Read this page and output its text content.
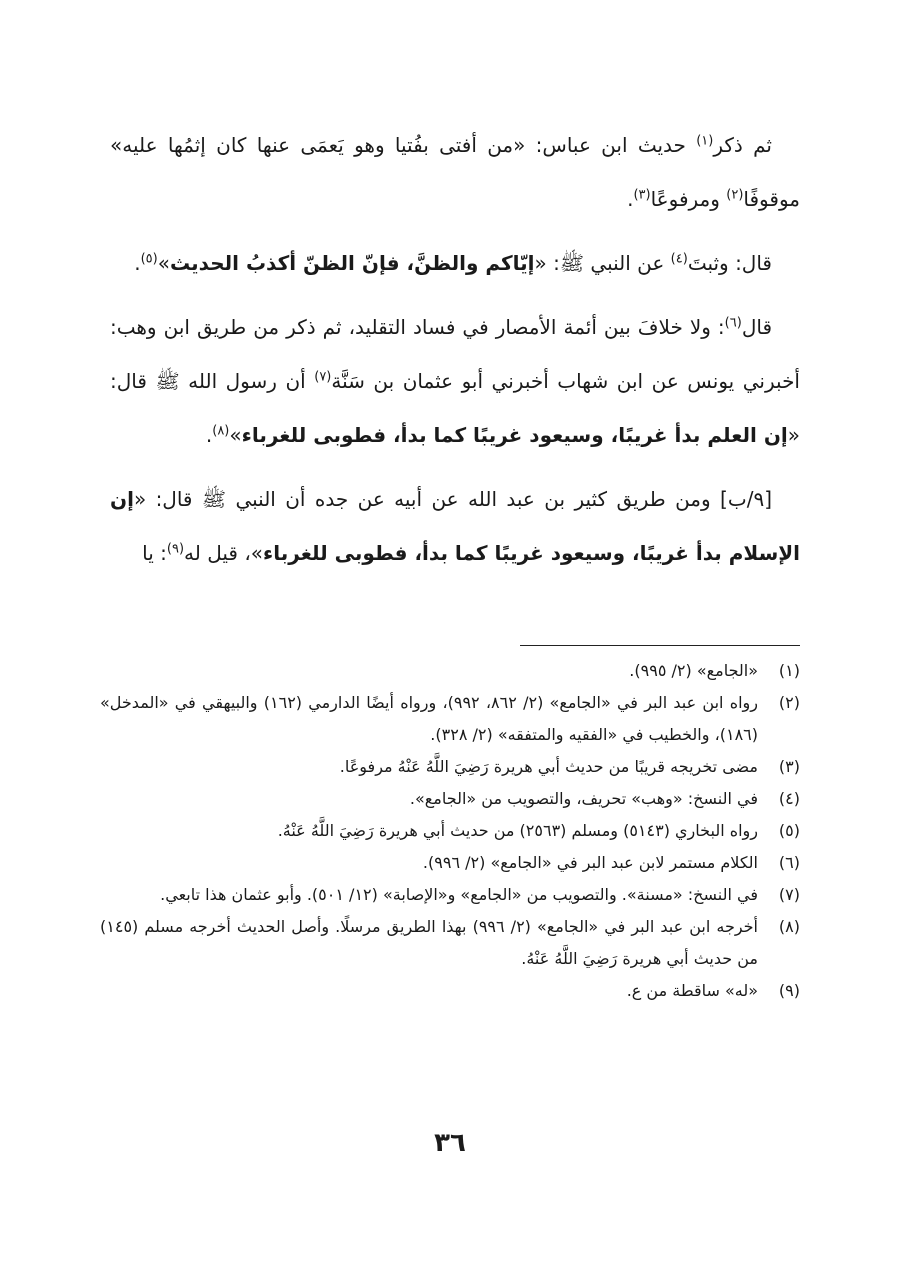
ثم ذكر$^{(١)}$ حديث ابن عباس: «من أفتى بفُتيا وهو يَعمَى عنها كان إثمُها عليه» موقوفًا$^{(٢)}$ ومرفوعًا$^{(٣)}$.

قال: وثبتَ$^{(٤)}$ عن النبي ﷺ: «إيّاكم والظنَّ، فإنّ الظنّ أكذبُ الحديث»$^{(٥)}$.

قال$^{(٦)}$: ولا خلافَ بين أئمة الأمصار في فساد التقليد، ثم ذكر من طريق ابن وهب: أخبرني يونس عن ابن شهاب أخبرني أبو عثمان بن سَنَّة$^{(٧)}$ أن رسول الله ﷺ قال: «إن العلم بدأ غريبًا، وسيعود غريبًا كما بدأ، فطوبى للغرباء»$^{(٨)}$.

[٩/ب] ومن طريق كثير بن عبد الله عن أبيه عن جده أن النبي ﷺ قال: «إن الإسلام بدأ غريبًا، وسيعود غريبًا كما بدأ، فطوبى للغرباء»، قيل له$^{(٩)}$: يا

(١)
«الجامع» (٢/ ٩٩٥).
(٢)
رواه ابن عبد البر في «الجامع» (٢/ ٨٦٢، ٩٩٢)، ورواه أيضًا الدارمي (١٦٢) والبيهقي في «المدخل» (١٨٦)، والخطيب في «الفقيه والمتفقه» (٢/ ٣٢٨).
(٣)
مضى تخريجه قريبًا من حديث أبي هريرة رَضِيَ اللَّهُ عَنْهُ مرفوعًا.
(٤)
في النسخ: «وهب» تحريف، والتصويب من «الجامع».
(٥)
رواه البخاري (٥١٤٣) ومسلم (٢٥٦٣) من حديث أبي هريرة رَضِيَ اللَّهُ عَنْهُ.
(٦)
الكلام مستمر لابن عبد البر في «الجامع» (٢/ ٩٩٦).
(٧)
في النسخ: «مسنة». والتصويب من «الجامع» و«الإصابة» (١٢/ ٥٠١). وأبو عثمان هذا تابعي.
(٨)
أخرجه ابن عبد البر في «الجامع» (٢/ ٩٩٦) بهذا الطريق مرسلًا. وأصل الحديث أخرجه مسلم (١٤٥) من حديث أبي هريرة رَضِيَ اللَّهُ عَنْهُ.
(٩)
«له» ساقطة من ع.
٣٦
